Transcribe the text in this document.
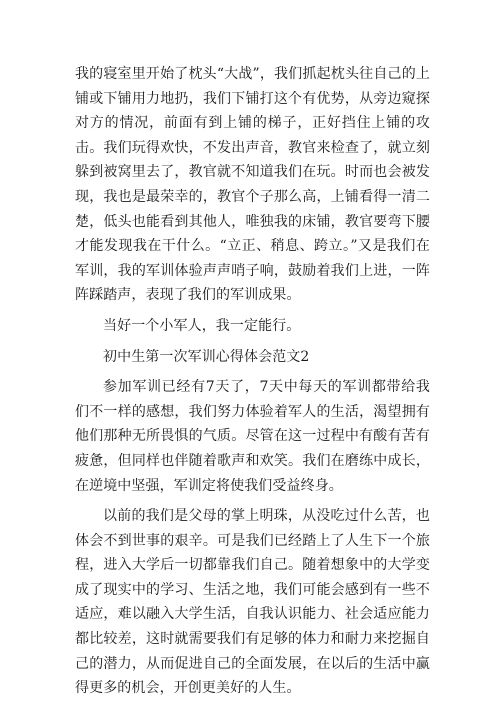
我的寝室里开始了枕头“大战”，我们抓起枕头往自己的上铺或下铺用力地扔，我们下铺打这个有优势，从旁边窥探对方的情况，前面有到上铺的梯子，正好挡住上铺的攻击。我们玩得欢快，不发出声音，教官来检查了，就立刻躲到被窝里去了，教官就不知道我们在玩。时而也会被发现，我也是最荣幸的，教官个子那么高，上铺看得一清二楚，低头也能看到其他人，唯独我的床铺，教官要弯下腰才能发现我在干什么。“立正、稍息、跨立。”又是我们在军训，我的军训体验声声哨子响，鼓励着我们上进，一阵阵踩踏声，表现了我们的军训成果。

当好一个小军人，我一定能行。

初中生第一次军训心得体会范文2

参加军训已经有7天了，7天中每天的军训都带给我们不一样的感想，我们努力体验着军人的生活，渴望拥有他们那种无所畏惧的气质。尽管在这一过程中有酸有苦有疲惫，但同样也伴随着歌声和欢笑。我们在磨练中成长，在逆境中坚强，军训定将使我们受益终身。

以前的我们是父母的掌上明珠，从没吃过什么苦，也体会不到世事的艰辛。可是我们已经踏上了人生下一个旅程，进入大学后一切都靠我们自己。随着想象中的大学变成了现实中的学习、生活之地，我们可能会感到有一些不适应，难以融入大学生活，自我认识能力、社会适应能力都比较差，这时就需要我们有足够的体力和耐力来挖掘自己的潜力，从而促进自己的全面发展，在以后的生活中赢得更多的机会，开创更美好的人生。
